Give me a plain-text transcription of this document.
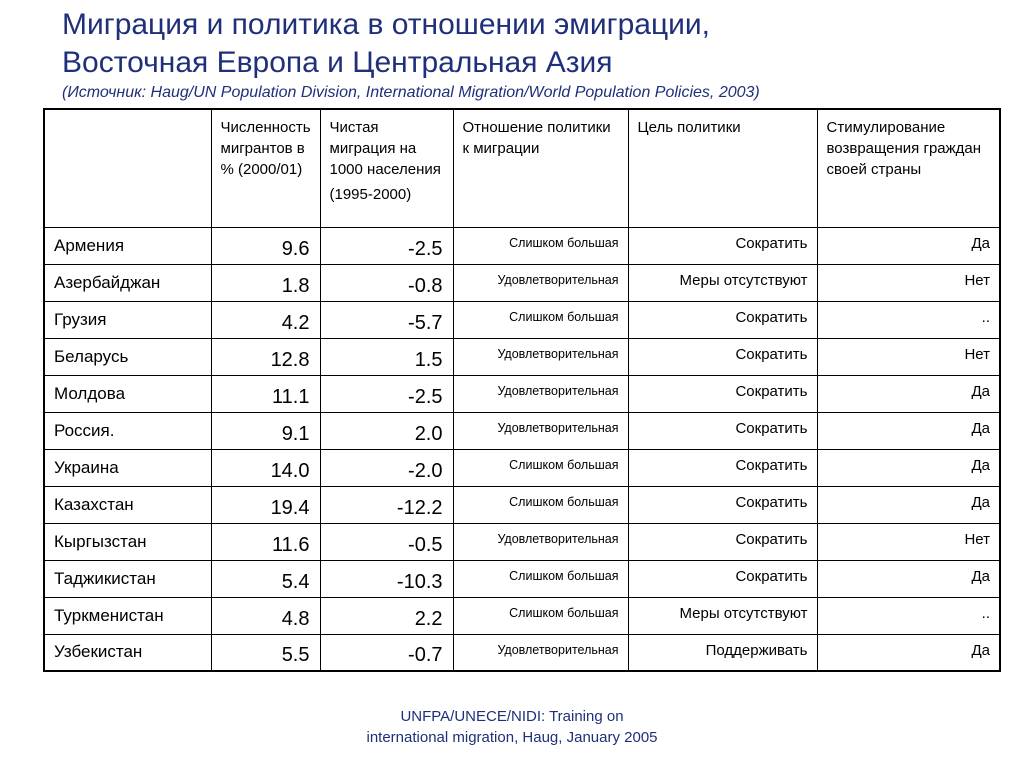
Миграция и политика в отношении эмиграции,
Восточная Европа и Центральная Азия
(Источник: Haug/UN Population Division, International Migration/World Population Policies, 2003)
	Численность мигрантов в % (2000/01)	Чистая миграция на 1000 населения
(1995-2000)	Отношение политики к миграции	Цель политики	Стимулирование возвращения граждан своей страны
Армения	9.6	-2.5	Слишком большая	Сократить	Да
Азербайджан	1.8	-0.8	Удовлетворительная	Меры отсутствуют	Нет
Грузия	4.2	-5.7	Слишком большая	Сократить	..
Беларусь	12.8	1.5	Удовлетворительная	Сократить	Нет
Молдова	11.1	-2.5	Удовлетворительная	Сократить	Да
Россия.	9.1	2.0	Удовлетворительная	Сократить	Да
Украина	14.0	-2.0	Слишком большая	Сократить	Да
Казахстан	19.4	-12.2	Слишком большая	Сократить	Да
Кыргызстан	11.6	-0.5	Удовлетворительная	Сократить	Нет
Таджикистан	5.4	-10.3	Слишком большая	Сократить	Да
Туркменистан	4.8	2.2	Слишком большая	Меры отсутствуют	..
Узбекистан	5.5	-0.7	Удовлетворительная	Поддерживать	Да
UNFPA/UNECE/NIDI: Training on international migration, Haug, January 2005
